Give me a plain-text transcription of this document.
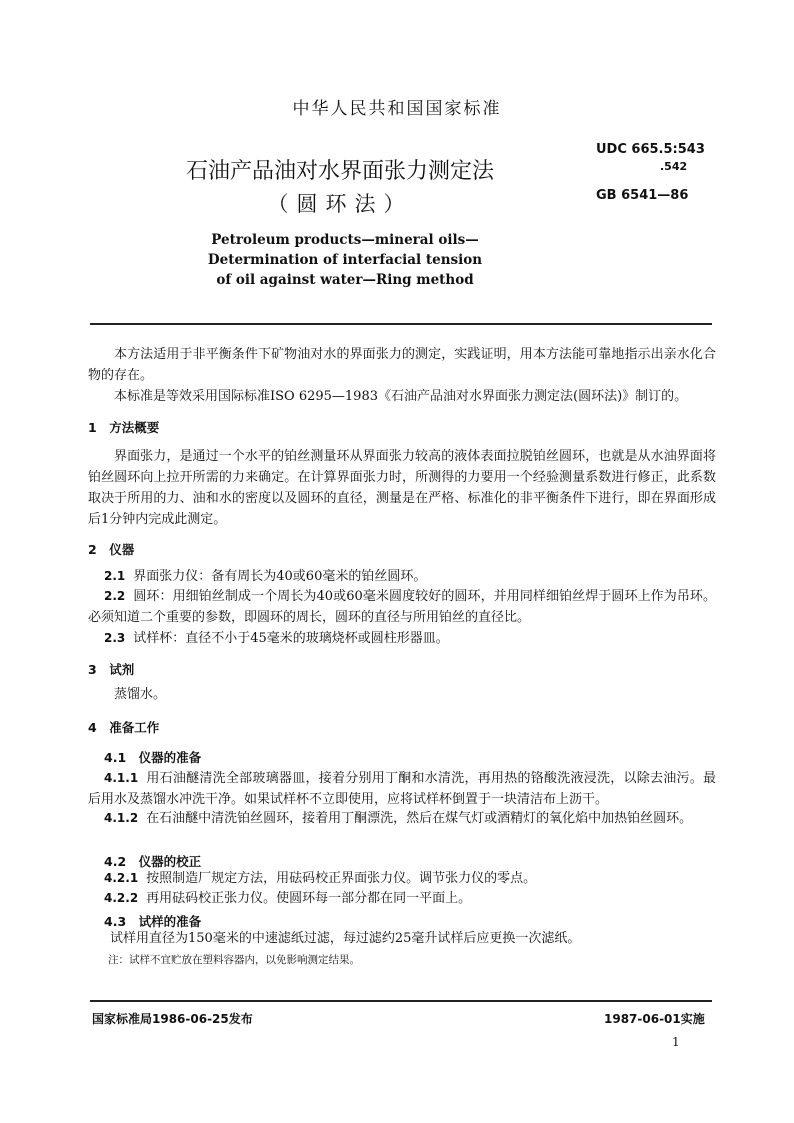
中华人民共和国国家标准
石油产品油对水界面张力测定法
（圆环法）
UDC 665.5:543
.542
GB 6541—86
Petroleum products—mineral oils—
Determination of interfacial tension
of oil against water—Ring method
本方法适用于非平衡条件下矿物油对水的界面张力的测定，实践证明，用本方法能可靠地指示出亲水化合物的存在。
本标准是等效采用国际标准ISO 6295—1983《石油产品油对水界面张力测定法(圆环法)》制订的。
1　方法概要
界面张力，是通过一个水平的铂丝测量环从界面张力较高的液体表面拉脱铂丝圆环，也就是从水油界面将铂丝圆环向上拉开所需的力来确定。在计算界面张力时，所测得的力要用一个经验测量系数进行修正，此系数取决于所用的力、油和水的密度以及圆环的直径，测量是在严格、标准化的非平衡条件下进行，即在界面形成后1分钟内完成此测定。
2　仪器
2.1 界面张力仪：备有周长为40或60毫米的铂丝圆环。
2.2 圆环：用细铂丝制成一个周长为40或60毫米圆度较好的圆环，并用同样细铂丝焊于圆环上作为吊环。必须知道二个重要的参数，即圆环的周长，圆环的直径与所用铂丝的直径比。
2.3 试样杯：直径不小于45毫米的玻璃烧杯或圆柱形器皿。
3　试剂
蒸馏水。
4　准备工作
4.1　仪器的准备
4.1.1 用石油醚清洗全部玻璃器皿，接着分别用丁酮和水清洗，再用热的铬酸洗液浸洗，以除去油污。最后用水及蒸馏水冲洗干净。如果试样杯不立即使用，应将试样杯倒置于一块清洁布上沥干。
4.1.2 在石油醚中清洗铂丝圆环，接着用丁酮漂洗，然后在煤气灯或酒精灯的氧化焰中加热铂丝圆环。
4.2　仪器的校正
4.2.1 按照制造厂规定方法，用砝码校正界面张力仪。调节张力仪的零点。
4.2.2 再用砝码校正张力仪。使圆环每一部分都在同一平面上。
4.3　试样的准备
试样用直径为150毫米的中速滤纸过滤，每过滤约25毫升试样后应更换一次滤纸。
注：试样不宜贮放在塑料容器内，以免影响测定结果。
国家标准局1986-06-25发布	1987-06-01实施
1
